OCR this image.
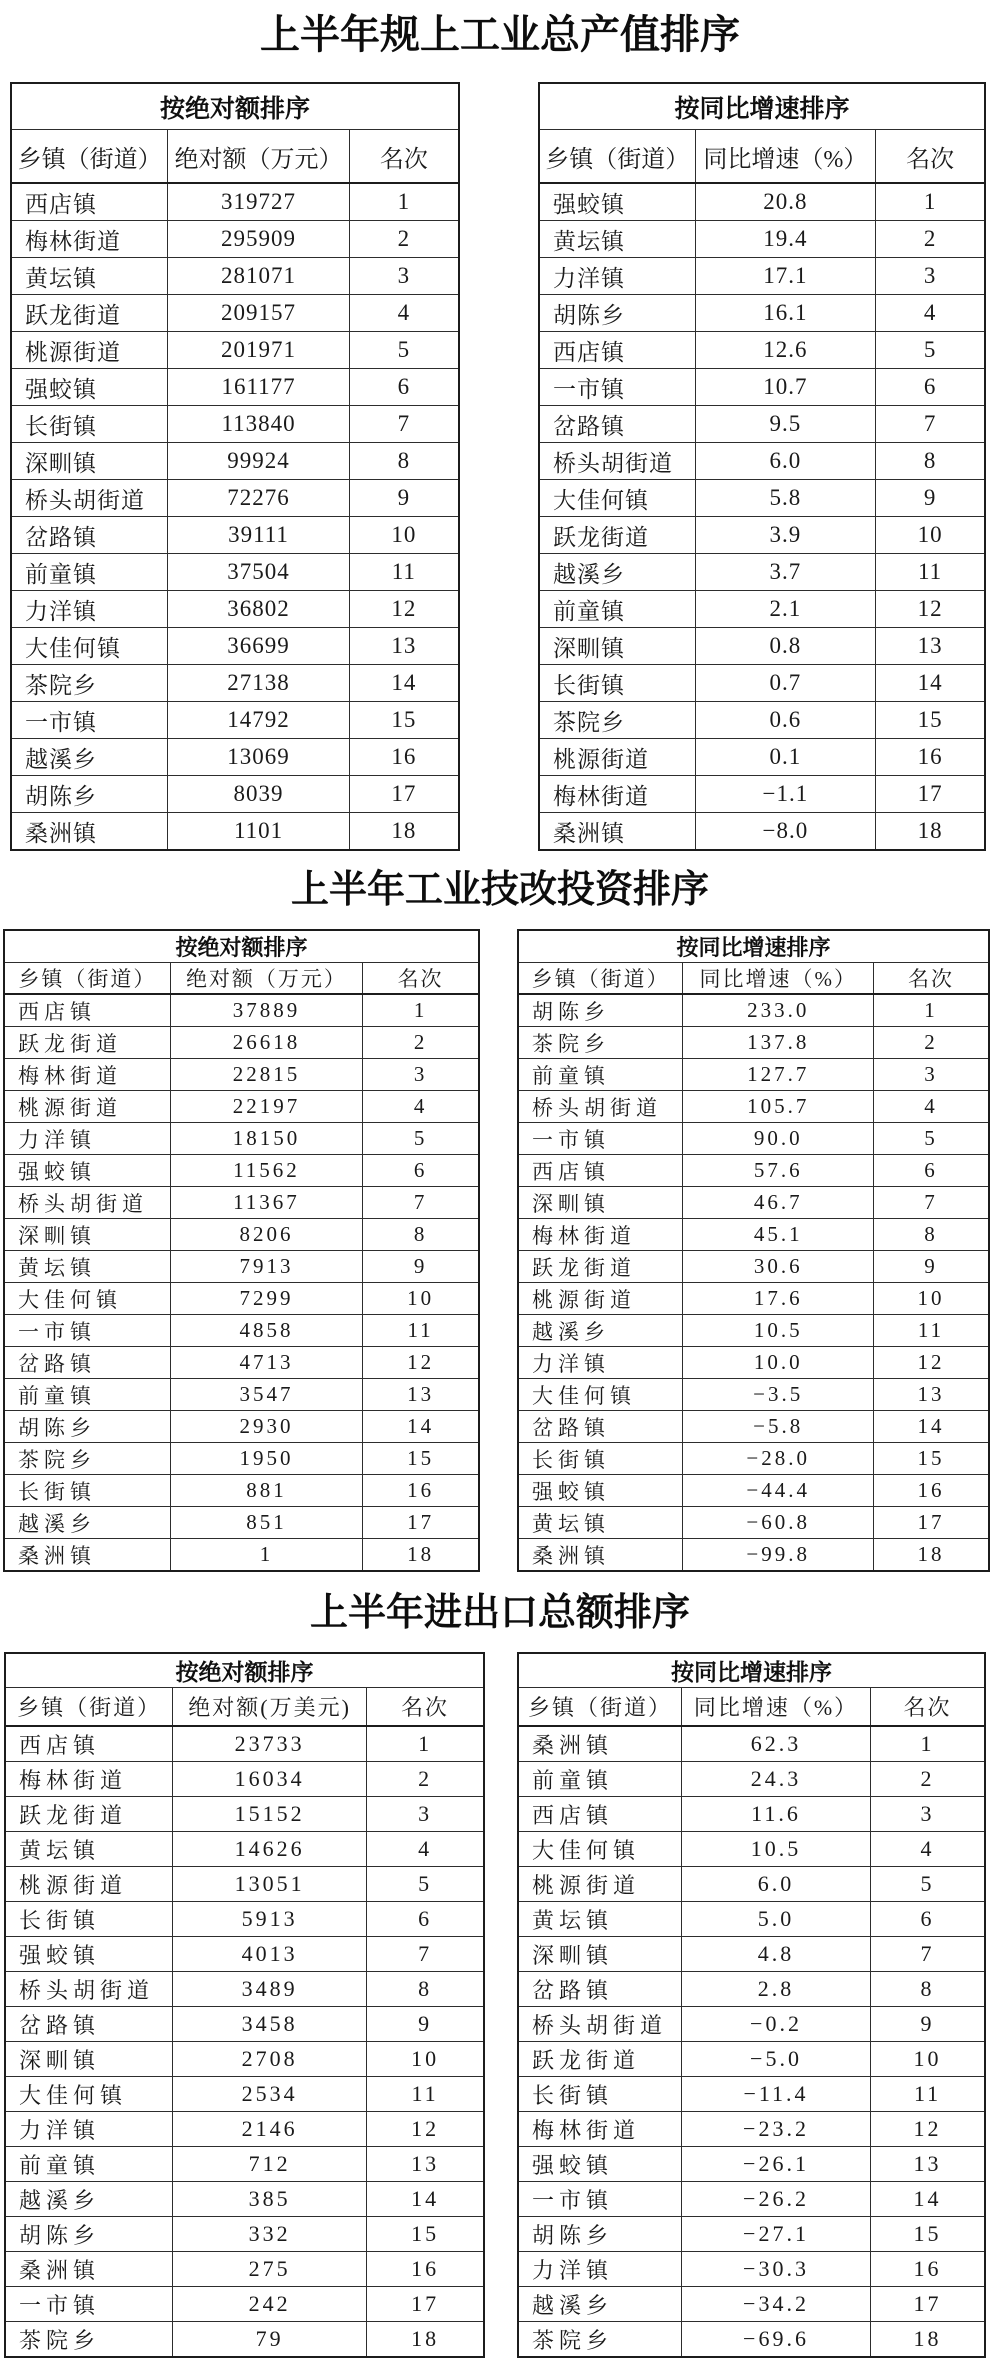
上半年规上工业总产值排序
按绝对额排序		
乡镇（街道）	绝对额（万元）	名次
西店镇	319727	1
梅林街道	295909	2
黄坛镇	281071	3
跃龙街道	209157	4
桃源街道	201971	5
强蛟镇	161177	6
长街镇	113840	7
深甽镇	99924	8
桥头胡街道	72276	9
岔路镇	39111	10
前童镇	37504	11
力洋镇	36802	12
大佳何镇	36699	13
茶院乡	27138	14
一市镇	14792	15
越溪乡	13069	16
胡陈乡	8039	17
桑洲镇	1101	18
按同比增速排序		
乡镇（街道）	同比增速（%）	名次
强蛟镇	20.8	1
黄坛镇	19.4	2
力洋镇	17.1	3
胡陈乡	16.1	4
西店镇	12.6	5
一市镇	10.7	6
岔路镇	9.5	7
桥头胡街道	6.0	8
大佳何镇	5.8	9
跃龙街道	3.9	10
越溪乡	3.7	11
前童镇	2.1	12
深甽镇	0.8	13
长街镇	0.7	14
茶院乡	0.6	15
桃源街道	0.1	16
梅林街道	−1.1	17
桑洲镇	−8.0	18
上半年工业技改投资排序
按绝对额排序		
乡镇（街道）	绝对额（万元）	名次
西店镇	37889	1
跃龙街道	26618	2
梅林街道	22815	3
桃源街道	22197	4
力洋镇	18150	5
强蛟镇	11562	6
桥头胡街道	11367	7
深甽镇	8206	8
黄坛镇	7913	9
大佳何镇	7299	10
一市镇	4858	11
岔路镇	4713	12
前童镇	3547	13
胡陈乡	2930	14
茶院乡	1950	15
长街镇	881	16
越溪乡	851	17
桑洲镇	1	18
按同比增速排序		
乡镇（街道）	同比增速（%）	名次
胡陈乡	233.0	1
茶院乡	137.8	2
前童镇	127.7	3
桥头胡街道	105.7	4
一市镇	90.0	5
西店镇	57.6	6
深甽镇	46.7	7
梅林街道	45.1	8
跃龙街道	30.6	9
桃源街道	17.6	10
越溪乡	10.5	11
力洋镇	10.0	12
大佳何镇	−3.5	13
岔路镇	−5.8	14
长街镇	−28.0	15
强蛟镇	−44.4	16
黄坛镇	−60.8	17
桑洲镇	−99.8	18
上半年进出口总额排序
按绝对额排序		
乡镇（街道）	绝对额(万美元)	名次
西店镇	23733	1
梅林街道	16034	2
跃龙街道	15152	3
黄坛镇	14626	4
桃源街道	13051	5
长街镇	5913	6
强蛟镇	4013	7
桥头胡街道	3489	8
岔路镇	3458	9
深甽镇	2708	10
大佳何镇	2534	11
力洋镇	2146	12
前童镇	712	13
越溪乡	385	14
胡陈乡	332	15
桑洲镇	275	16
一市镇	242	17
茶院乡	79	18
按同比增速排序		
乡镇（街道）	同比增速（%）	名次
桑洲镇	62.3	1
前童镇	24.3	2
西店镇	11.6	3
大佳何镇	10.5	4
桃源街道	6.0	5
黄坛镇	5.0	6
深甽镇	4.8	7
岔路镇	2.8	8
桥头胡街道	−0.2	9
跃龙街道	−5.0	10
长街镇	−11.4	11
梅林街道	−23.2	12
强蛟镇	−26.1	13
一市镇	−26.2	14
胡陈乡	−27.1	15
力洋镇	−30.3	16
越溪乡	−34.2	17
茶院乡	−69.6	18
